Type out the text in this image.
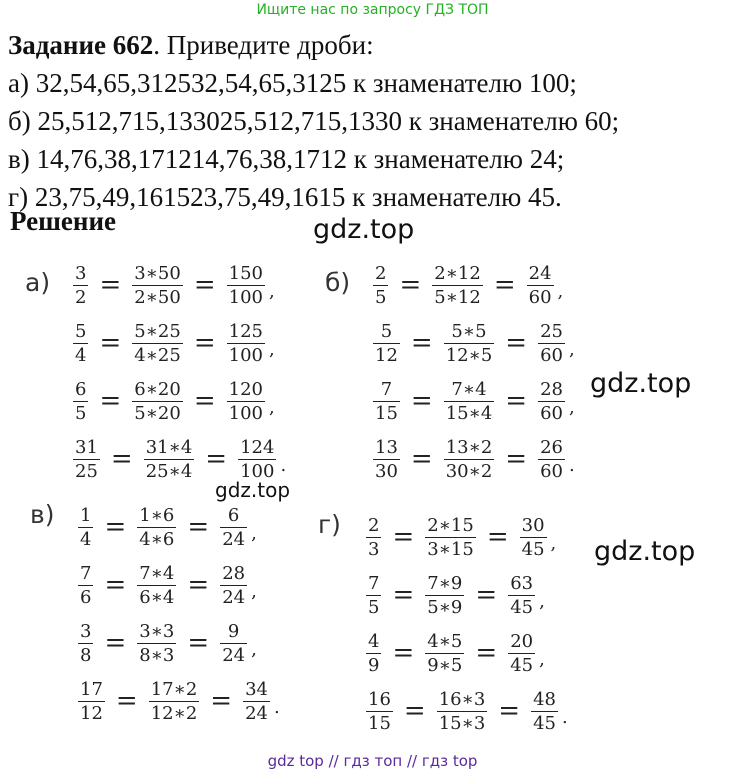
Ищите нас по запросу ГДЗ ТОП
Задание 662. Приведите дроби:
а) 32,54,65,312532,54,65,3125 к знаменателю 100;
б) 25,512,715,133025,512,715,1330 к знаменателю 60;
в) 14,76,38,171214,76,38,1712 к знаменателю 24;
г) 23,75,49,161523,75,49,1615 к знаменателю 45.
Решение	gdz.top
gdz.top
gdz.top
gdz.top
$а) \frac{3}{2} = \frac{3∗50}{2∗50} = \frac{150}{100}$ ,
$\frac{5}{4} = \frac{5∗25}{4∗25} = \frac{125}{100}$ ,
$\frac{6}{5} = \frac{6∗20}{5∗20} = \frac{120}{100}$ ,
$\frac{31}{25} = \frac{31∗4}{25∗4} = \frac{124}{100}$ .
$б) \frac{2}{5} = \frac{2∗12}{5∗12} = \frac{24}{60}$ ,
$\frac{5}{12} = \frac{5∗5}{12∗5} = \frac{25}{60}$ ,
$\frac{7}{15} = \frac{7∗4}{15∗4} = \frac{28}{60}$ ,
$\frac{13}{30} = \frac{13∗2}{30∗2} = \frac{26}{60}$ .
$в) \frac{1}{4} = \frac{1∗6}{4∗6} = \frac{6}{24}$ ,
$\frac{7}{6} = \frac{7∗4}{6∗4} = \frac{28}{24}$ ,
$\frac{3}{8} = \frac{3∗3}{8∗3} = \frac{9}{24}$ ,
$\frac{17}{12} = \frac{17∗2}{12∗2} = \frac{34}{24}$ .
$г) \frac{2}{3} = \frac{2∗15}{3∗15} = \frac{30}{45}$ ,
$\frac{7}{5} = \frac{7∗9}{5∗9} = \frac{63}{45}$ ,
$\frac{4}{9} = \frac{4∗5}{9∗5} = \frac{20}{45}$ ,
$\frac{16}{15} = \frac{16∗3}{15∗3} = \frac{48}{45}$ .
gdz top // гдз топ // гдз top
